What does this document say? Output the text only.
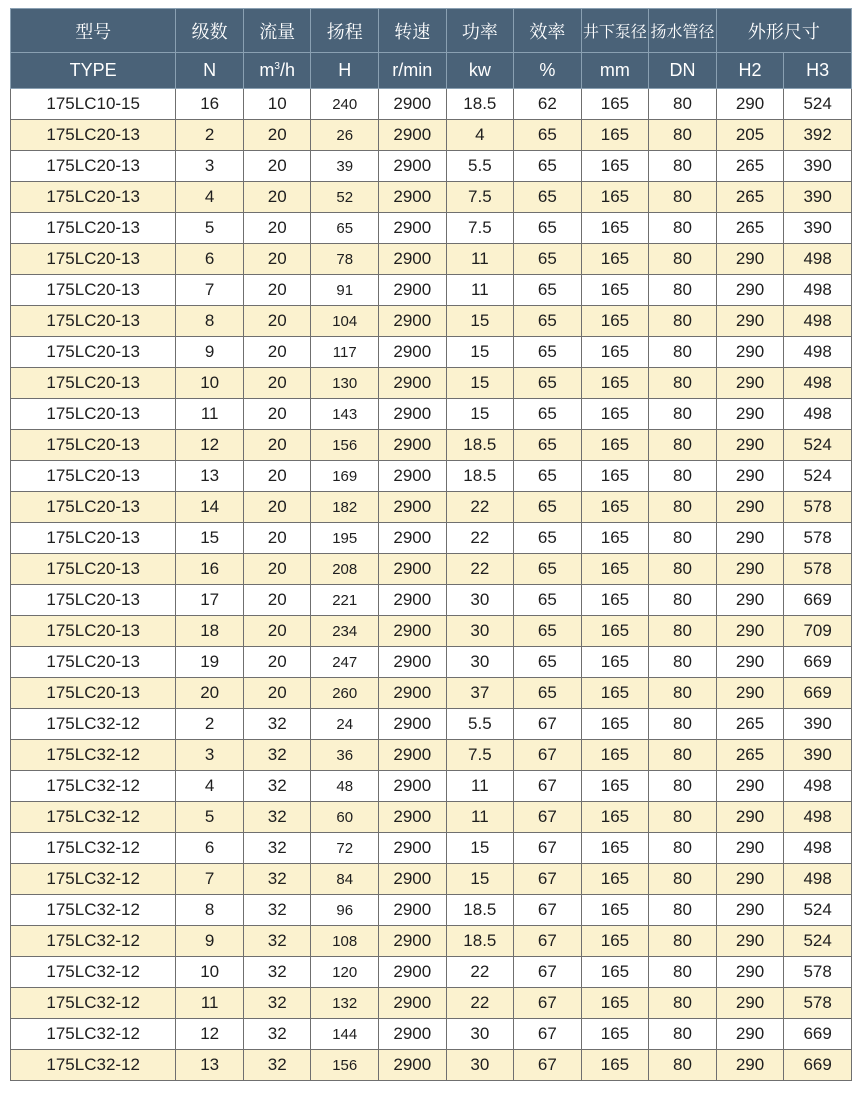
型号	级数	流量	扬程	转速	功率	效率	井下泵径	扬水管径	外形尺寸	
TYPE	N	$m^3/h$	H	r/min	kw	%	mm	DN	H2	H3
175LC10-15	16	10	240	2900	18.5	62	165	80	290	524
175LC20-13	2	20	26	2900	4	65	165	80	205	392
175LC20-13	3	20	39	2900	5.5	65	165	80	265	390
175LC20-13	4	20	52	2900	7.5	65	165	80	265	390
175LC20-13	5	20	65	2900	7.5	65	165	80	265	390
175LC20-13	6	20	78	2900	11	65	165	80	290	498
175LC20-13	7	20	91	2900	11	65	165	80	290	498
175LC20-13	8	20	104	2900	15	65	165	80	290	498
175LC20-13	9	20	117	2900	15	65	165	80	290	498
175LC20-13	10	20	130	2900	15	65	165	80	290	498
175LC20-13	11	20	143	2900	15	65	165	80	290	498
175LC20-13	12	20	156	2900	18.5	65	165	80	290	524
175LC20-13	13	20	169	2900	18.5	65	165	80	290	524
175LC20-13	14	20	182	2900	22	65	165	80	290	578
175LC20-13	15	20	195	2900	22	65	165	80	290	578
175LC20-13	16	20	208	2900	22	65	165	80	290	578
175LC20-13	17	20	221	2900	30	65	165	80	290	669
175LC20-13	18	20	234	2900	30	65	165	80	290	709
175LC20-13	19	20	247	2900	30	65	165	80	290	669
175LC20-13	20	20	260	2900	37	65	165	80	290	669
175LC32-12	2	32	24	2900	5.5	67	165	80	265	390
175LC32-12	3	32	36	2900	7.5	67	165	80	265	390
175LC32-12	4	32	48	2900	11	67	165	80	290	498
175LC32-12	5	32	60	2900	11	67	165	80	290	498
175LC32-12	6	32	72	2900	15	67	165	80	290	498
175LC32-12	7	32	84	2900	15	67	165	80	290	498
175LC32-12	8	32	96	2900	18.5	67	165	80	290	524
175LC32-12	9	32	108	2900	18.5	67	165	80	290	524
175LC32-12	10	32	120	2900	22	67	165	80	290	578
175LC32-12	11	32	132	2900	22	67	165	80	290	578
175LC32-12	12	32	144	2900	30	67	165	80	290	669
175LC32-12	13	32	156	2900	30	67	165	80	290	669
